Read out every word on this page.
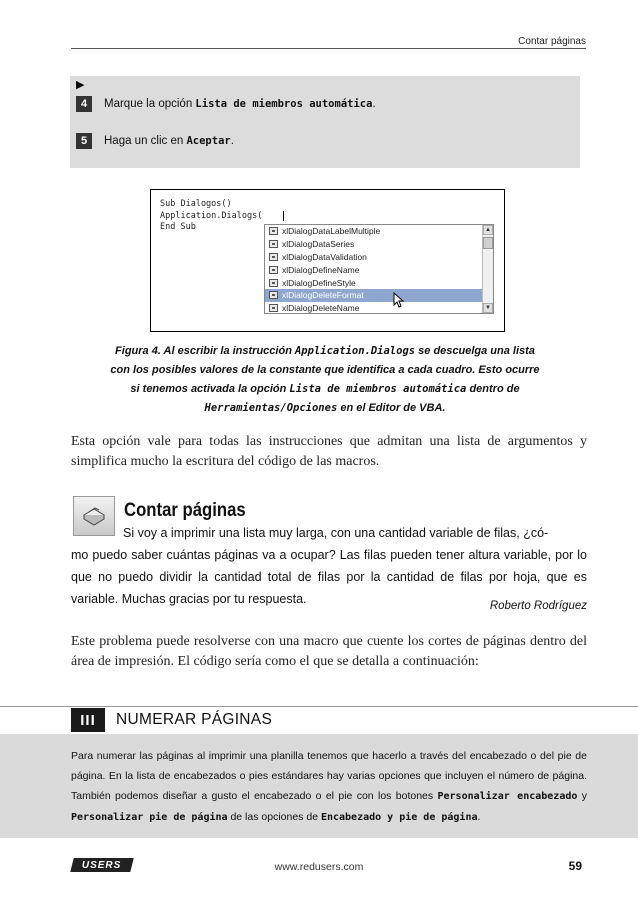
Contar páginas
▶
4	Marque la opción Lista de miembros automática.
5	Haga un clic en Aceptar.
Sub Dialogos()
Application.Dialogs(
End Sub	xlDialogDataLabelMultiple
xlDialogDataSeries
xlDialogDataValidation
xlDialogDefineName
xlDialogDefineStyle
xlDialogDeleteFormat
xlDialogDeleteName
▲
▼
Figura 4. Al escribir la instrucción Application.Dialogs se descuelga una lista con los posibles valores de la constante que identifica a cada cuadro. Esto ocurre si tenemos activada la opción Lista de miembros automática dentro de Herramientas/Opciones en el Editor de VBA.

Esta opción vale para todas las instrucciones que admitan una lista de argumentos y simplifica mucho la escritura del código de las macros.

Contar páginas
Si voy a imprimir una lista muy larga, con una cantidad variable de filas, ¿có-
mo puedo saber cuántas páginas va a ocupar? Las filas pueden tener altura variable, por lo que no puedo dividir la cantidad total de filas por la cantidad de filas por hoja, que es variable. Muchas gracias por tu respuesta.	Roberto Rodríguez

Este problema puede resolverse con una macro que cuente los cortes de páginas dentro del área de impresión. El código sería como el que se detalla a continuación:

III	NUMERAR PÁGINAS
Para numerar las páginas al imprimir una planilla tenemos que hacerlo a través del encabezado o del pie de página. En la lista de encabezados o pies estándares hay varias opciones que incluyen el número de página. También podemos diseñar a gusto el encabezado o el pie con los botones Personalizar encabezado y Personalizar pie de página de las opciones de Encabezado y pie de página.
USERS	www.redusers.com	59
